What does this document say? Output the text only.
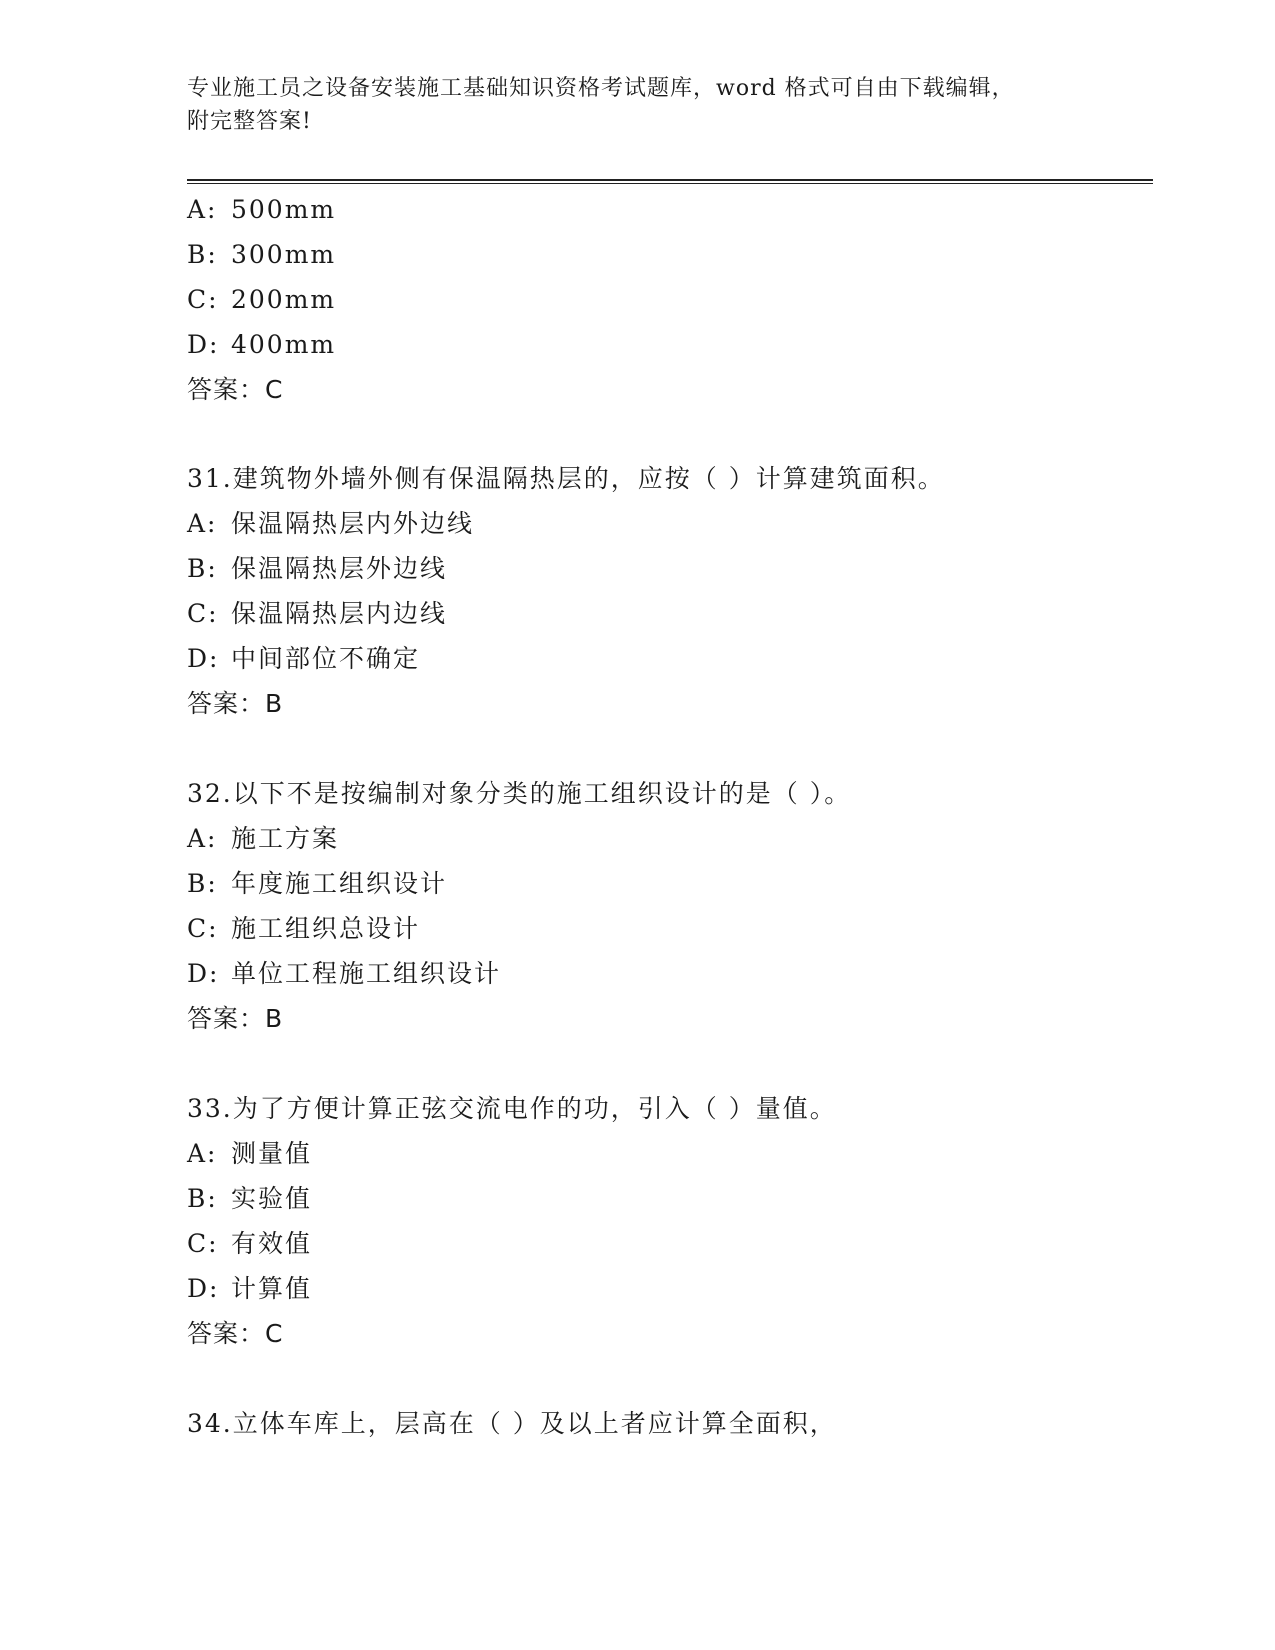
专业施工员之设备安装施工基础知识资格考试题库，word 格式可自由下载编辑，
附完整答案!
A: 500mm
B: 300mm
C: 200mm
D: 400mm
答案：C
31.建筑物外墙外侧有保温隔热层的，应按（ ）计算建筑面积。
A: 保温隔热层内外边线
B: 保温隔热层外边线
C: 保温隔热层内边线
D: 中间部位不确定
答案：B
32.以下不是按编制对象分类的施工组织设计的是（ ）。
A: 施工方案
B: 年度施工组织设计
C: 施工组织总设计
D: 单位工程施工组织设计
答案：B
33.为了方便计算正弦交流电作的功，引入（ ）量值。
A: 测量值
B: 实验值
C: 有效值
D: 计算值
答案：C
34.立体车库上，层高在（ ）及以上者应计算全面积，
